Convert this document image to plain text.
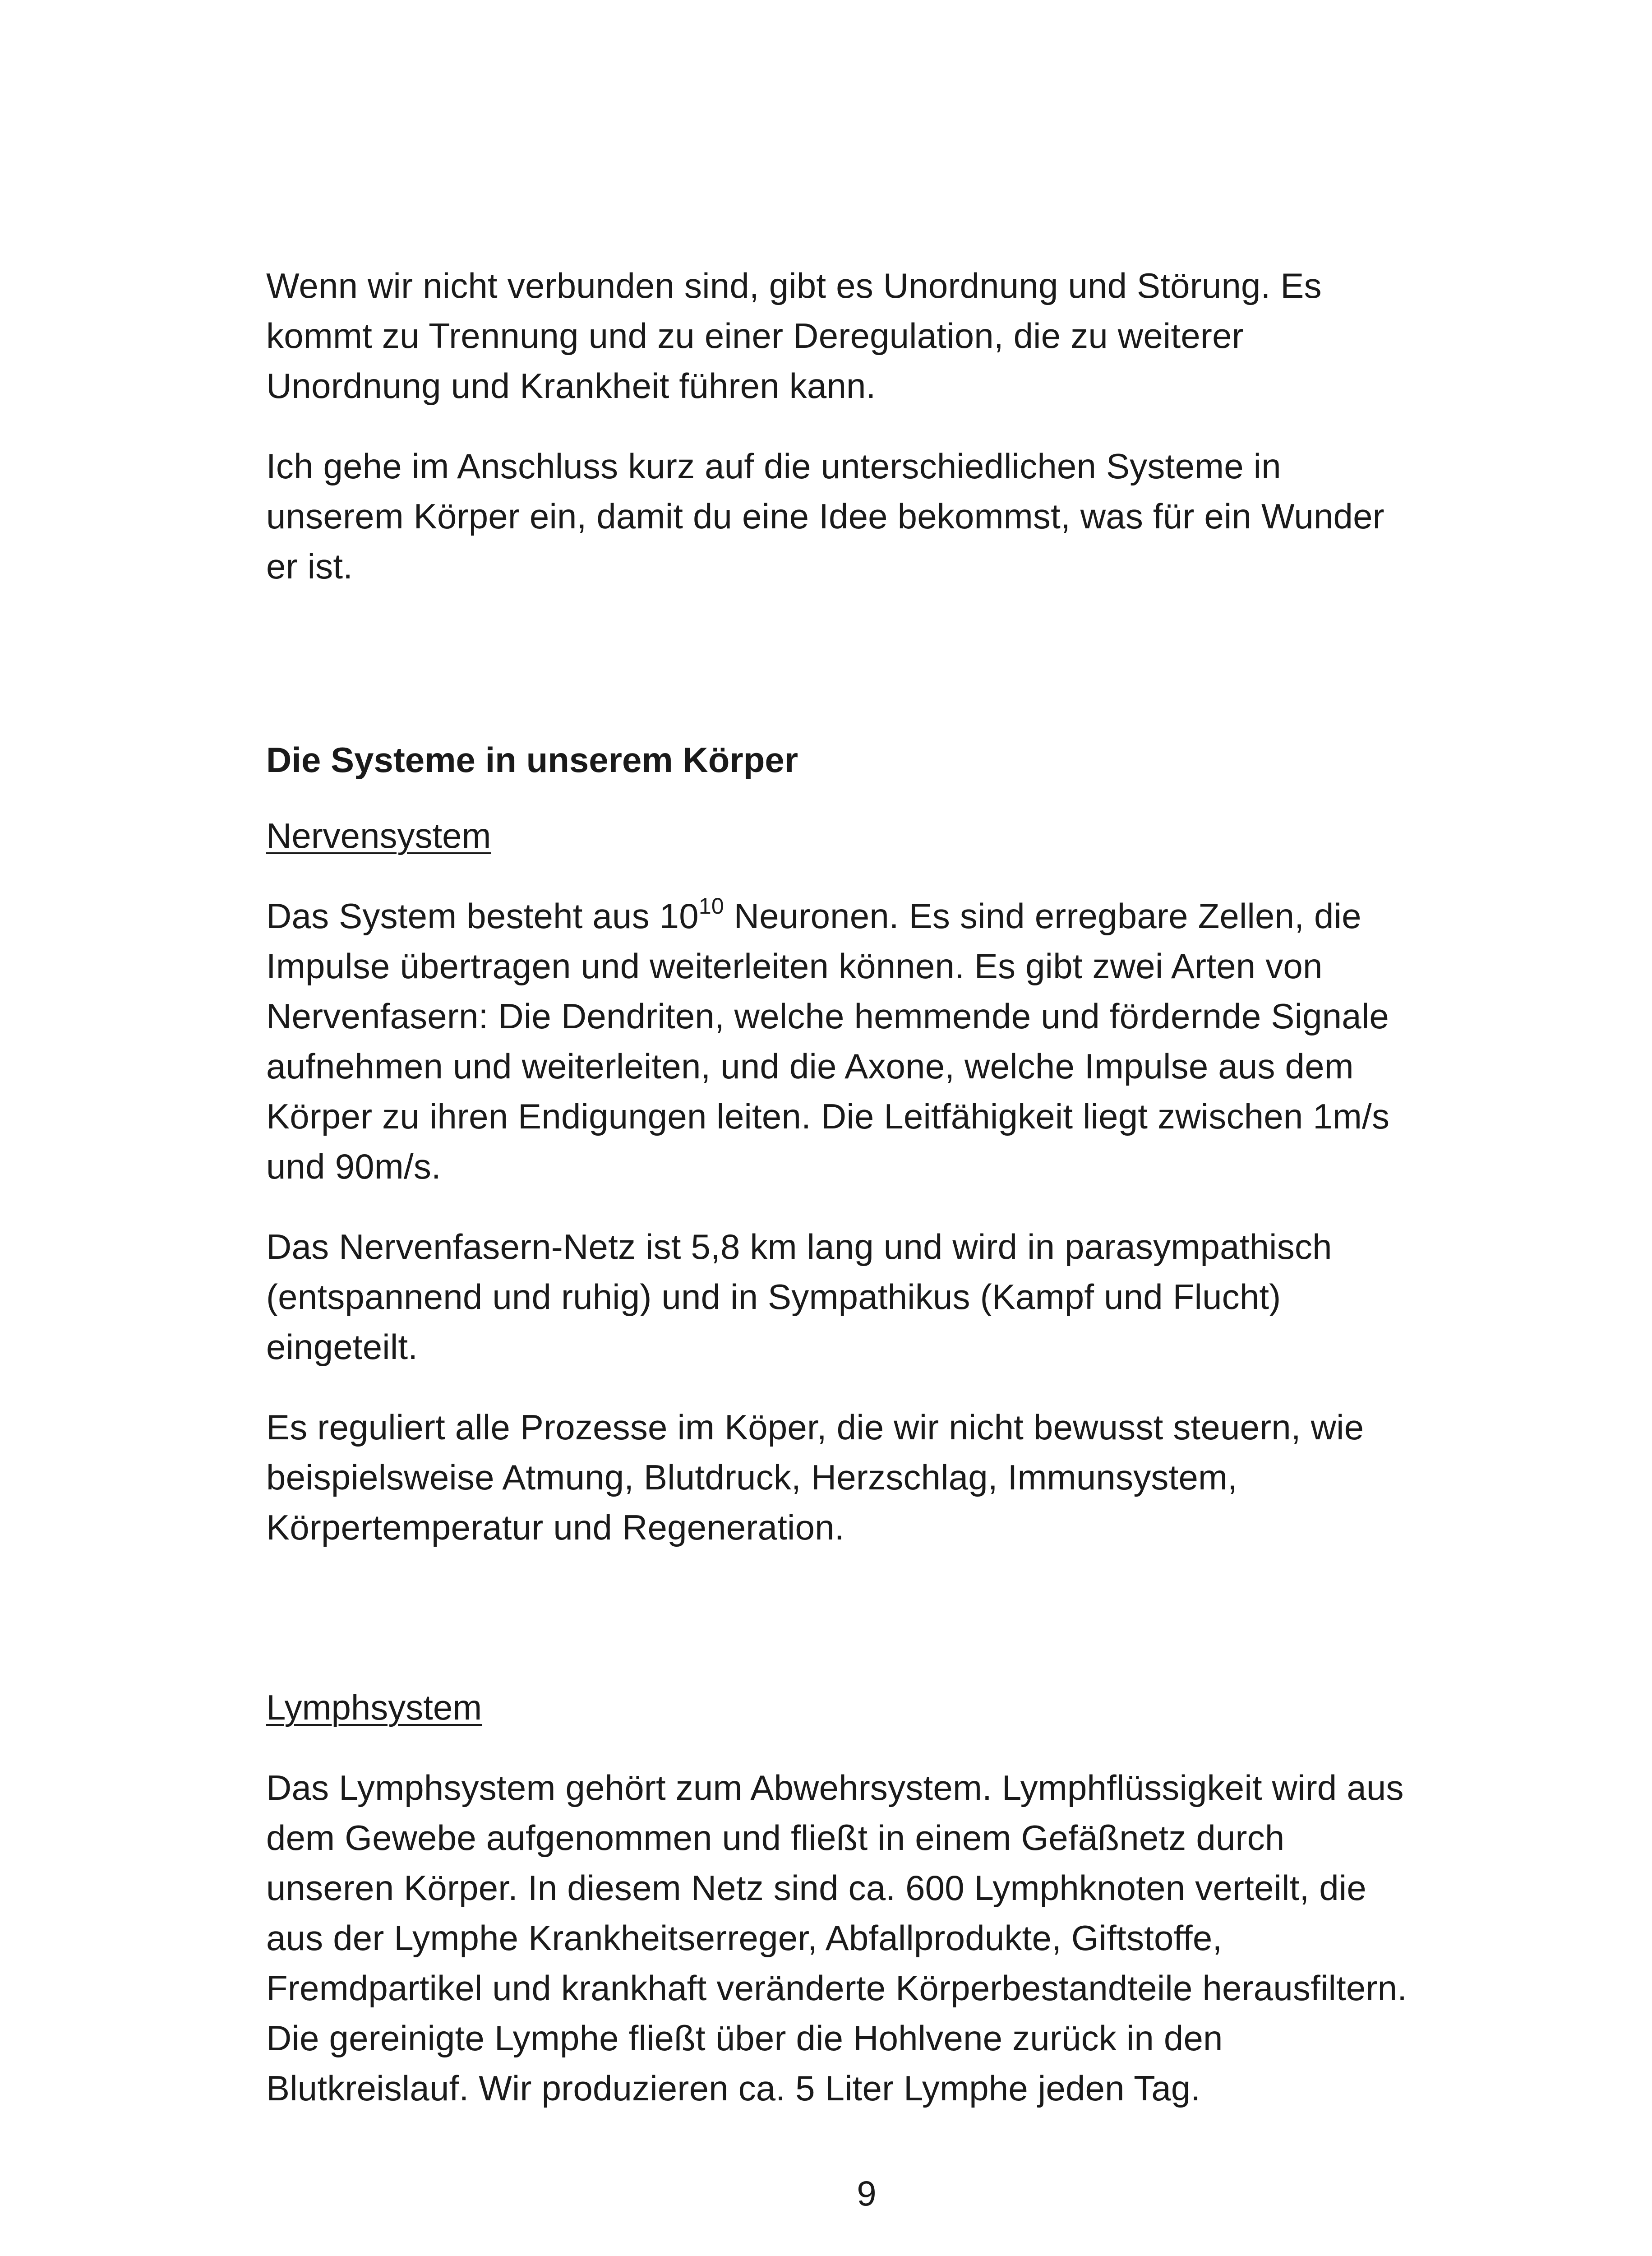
Wenn wir nicht verbunden sind, gibt es Unordnung und Störung. Es kommt zu Trennung und zu einer Deregulation, die zu weiterer Unordnung und Krankheit führen kann.

Ich gehe im Anschluss kurz auf die unterschiedlichen Systeme in unserem Körper ein, damit du eine Idee bekommst, was für ein Wunder er ist.

Die Systeme in unserem Körper

Nervensystem

Das System besteht aus $10^{10}$ Neuronen. Es sind erregbare Zellen, die Impulse übertragen und weiterleiten können. Es gibt zwei Arten von Nervenfasern: Die Dendriten, welche hemmende und fördernde Signale aufnehmen und weiterleiten, und die Axone, welche Impulse aus dem Körper zu ihren Endigungen leiten. Die Leitfähigkeit liegt zwischen 1m/s und 90m/s.

Das Nervenfasern-Netz ist 5,8 km lang und wird in parasympathisch (entspannend und ruhig) und in Sympathikus (Kampf und Flucht) eingeteilt.

Es reguliert alle Prozesse im Köper, die wir nicht bewusst steuern, wie beispielsweise Atmung, Blutdruck, Herzschlag, Immunsystem, Körpertemperatur und Regeneration.

Lymphsystem

Das Lymphsystem gehört zum Abwehrsystem. Lymphflüssigkeit wird aus dem Gewebe aufgenommen und fließt in einem Gefäßnetz durch unseren Körper. In diesem Netz sind ca. 600 Lymphknoten verteilt, die aus der Lymphe Krankheitserreger, Abfallprodukte, Giftstoffe, Fremdpartikel und krankhaft veränderte Körperbestandteile herausfiltern. Die gereinigte Lymphe fließt über die Hohlvene zurück in den Blutkreislauf. Wir produzieren ca. 5 Liter Lymphe jeden Tag.

9
